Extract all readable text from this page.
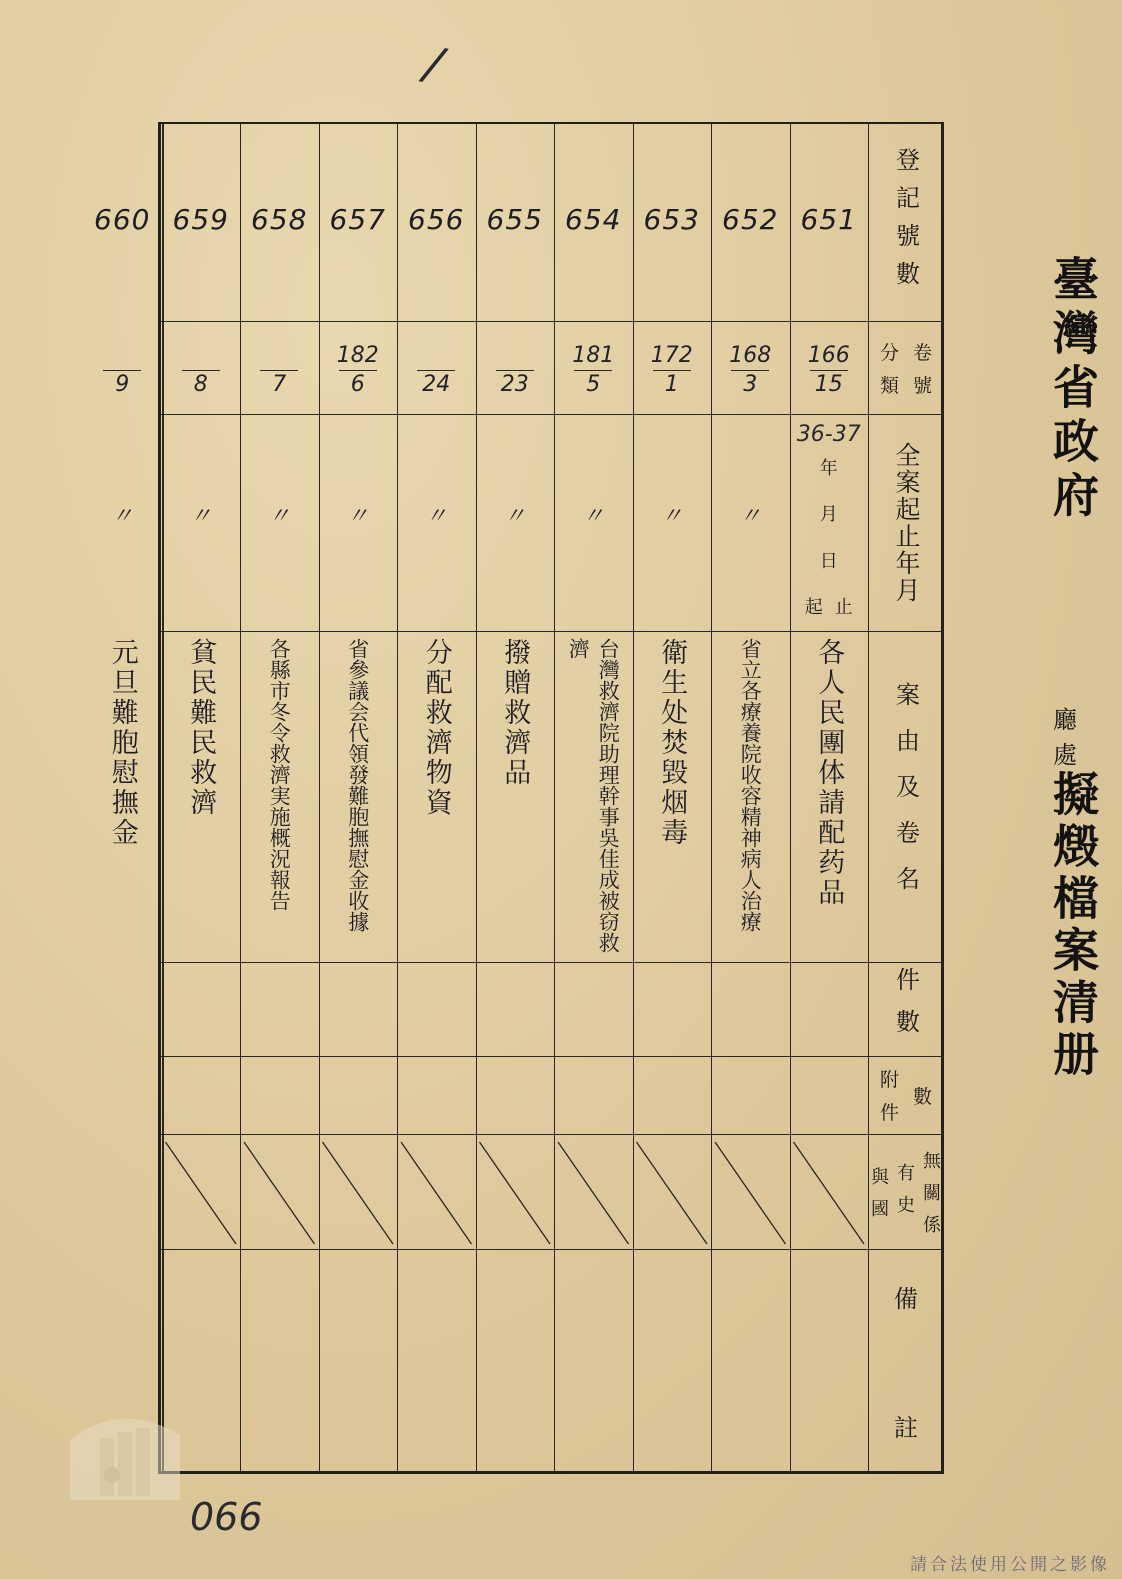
/
登記號數
分 卷
類 號
全案起止年月
案由及卷名
件數
附
件
數
與
國
有
史
無
關
係
備
註
651
166
15
36-37
年
月
日
起 止
各人民團体請配药品
652
168
3
〃
省立各療養院收容精神病人治療
653
172
1
〃
衛生处焚毀烟毒
654
181
5
〃
台灣救濟院助理幹事吳佳成被窃救濟
655
23
〃
撥贈救濟品
656
24
〃
分配救濟物資
657
182
6
〃
省參議会代領發難胞撫慰金收據
658
7
〃
各縣市冬令救濟実施概況報告
659
8
〃
貧民難民救濟
660
9
〃
元旦難胞慰撫金
臺灣省政府
廳
處
擬燬檔案清册
066
請合法使用公開之影像
